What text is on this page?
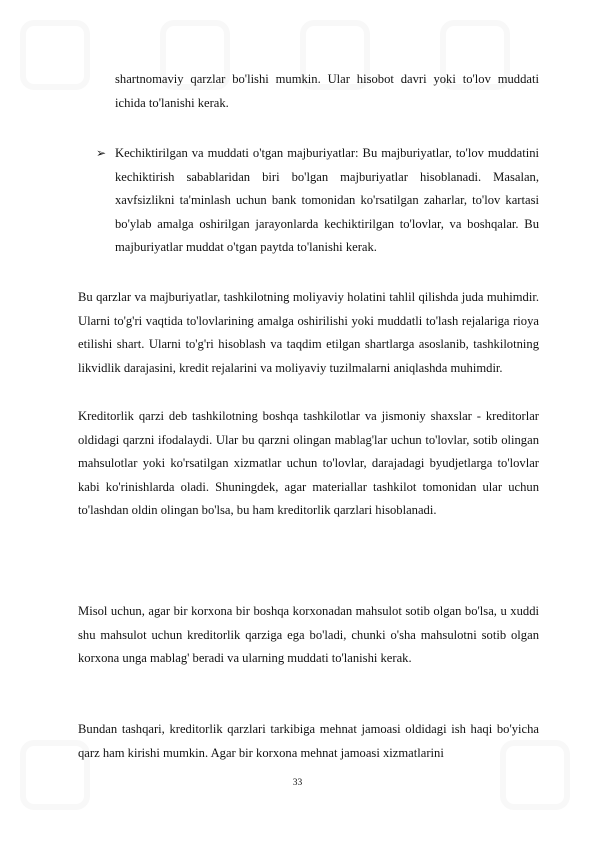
shartnomaviy qarzlar bo'lishi mumkin. Ular hisobot davri yoki to'lov muddati ichida to'lanishi kerak.

➢ Kechiktirilgan va muddati o'tgan majburiyatlar: Bu majburiyatlar, to'lov muddatini kechiktirish sabablaridan biri bo'lgan majburiyatlar hisoblanadi. Masalan, xavfsizlikni ta'minlash uchun bank tomonidan ko'rsatilgan zaharlar, to'lov kartasi bo'ylab amalga oshirilgan jarayonlarda kechiktirilgan to'lovlar, va boshqalar. Bu majburiyatlar muddat o'tgan paytda to'lanishi kerak.

Bu qarzlar va majburiyatlar, tashkilotning moliyaviy holatini tahlil qilishda juda muhimdir. Ularni to'g'ri vaqtida to'lovlarining amalga oshirilishi yoki muddatli to'lash rejalariga rioya etilishi shart. Ularni to'g'ri hisoblash va taqdim etilgan shartlarga asoslanib, tashkilotning likvidlik darajasini, kredit rejalarini va moliyaviy tuzilmalarni aniqlashda muhimdir.

Kreditorlik qarzi deb tashkilotning boshqa tashkilotlar va jismoniy shaxslar - kreditorlar oldidagi qarzni ifodalaydi. Ular bu qarzni olingan mablag'lar uchun to'lovlar, sotib olingan mahsulotlar yoki ko'rsatilgan xizmatlar uchun to'lovlar, darajadagi byudjetlarga to'lovlar kabi ko'rinishlarda oladi. Shuningdek, agar materiallar tashkilot tomonidan ular uchun to'lashdan oldin olingan bo'lsa, bu ham kreditorlik qarzlari hisoblanadi.

Misol uchun, agar bir korxona bir boshqa korxonadan mahsulot sotib olgan bo'lsa, u xuddi shu mahsulot uchun kreditorlik qarziga ega bo'ladi, chunki o'sha mahsulotni sotib olgan korxona unga mablag' beradi va ularning muddati to'lanishi kerak.

Bundan tashqari, kreditorlik qarzlari tarkibiga mehnat jamoasi oldidagi ish haqi bo'yicha qarz ham kirishi mumkin. Agar bir korxona mehnat jamoasi xizmatlarini

33
